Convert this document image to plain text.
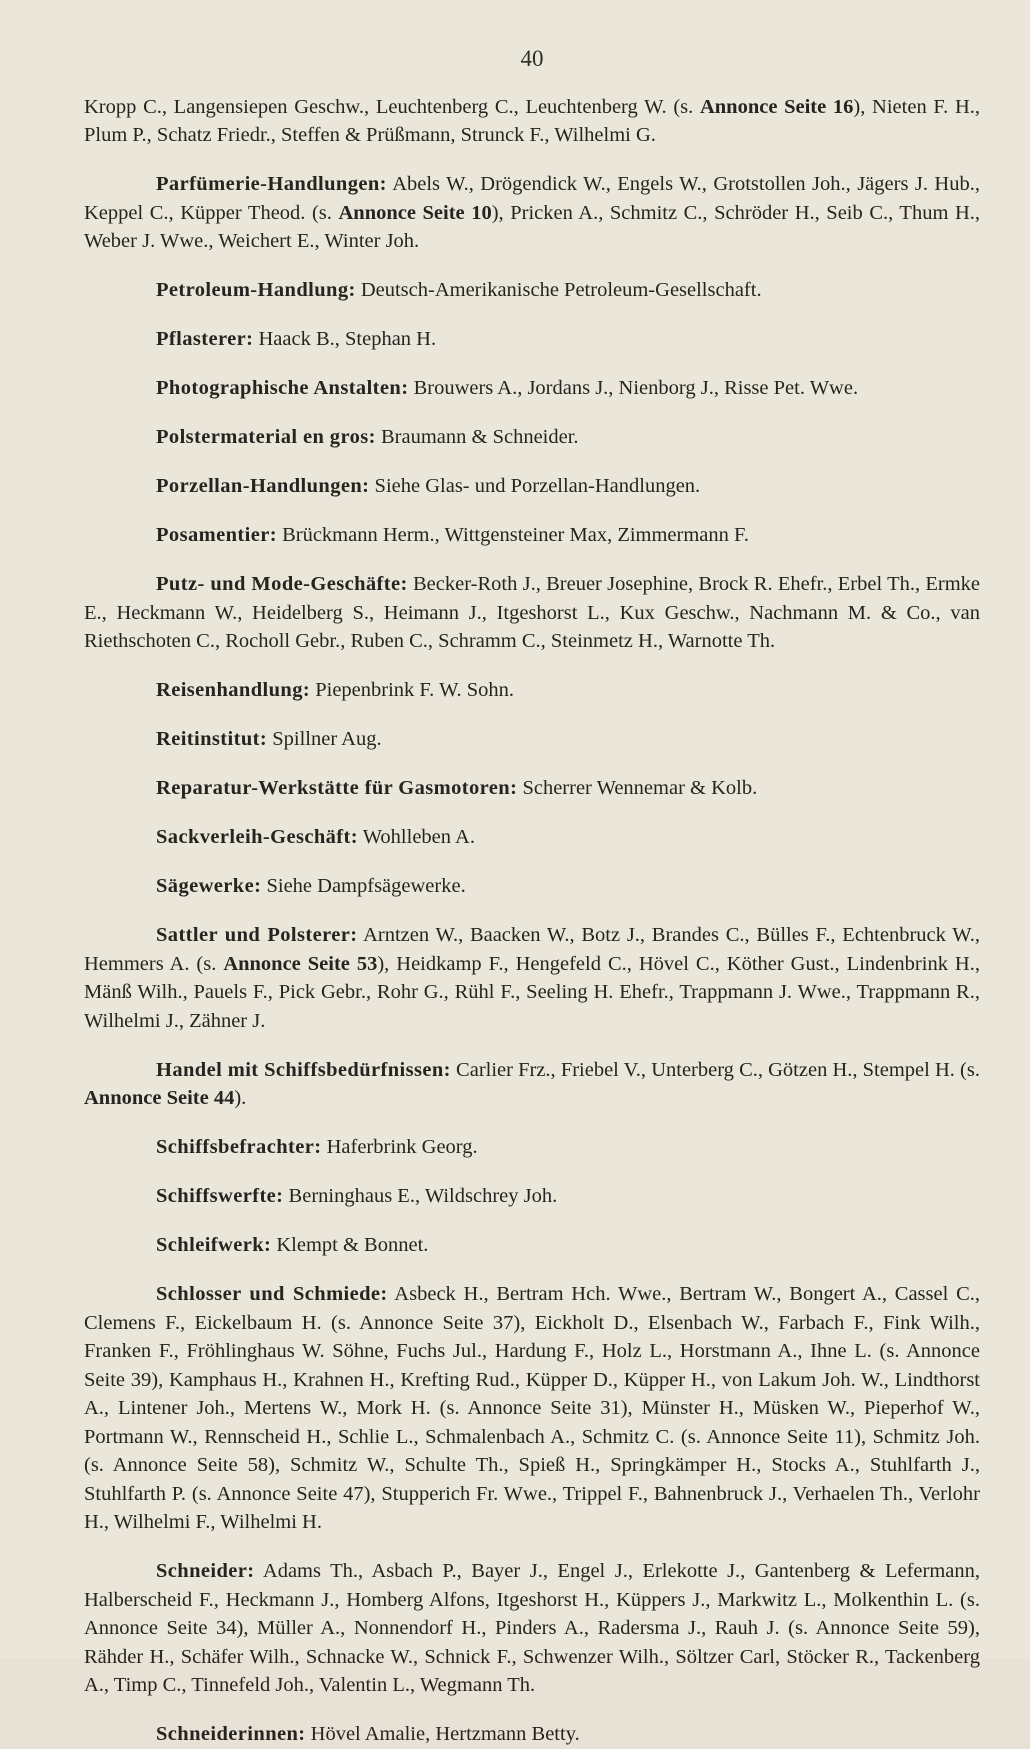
40

Kropp C., Langensiepen Geschw., Leuchtenberg C., Leuchtenberg W. (s. Annonce Seite 16), Nieten F. H., Plum P., Schatz Friedr., Steffen & Prüßmann, Strunck F., Wilhelmi G.

Parfümerie-Handlungen: Abels W., Drögendick W., Engels W., Grotstollen Joh., Jägers J. Hub., Keppel C., Küpper Theod. (s. Annonce Seite 10), Pricken A., Schmitz C., Schröder H., Seib C., Thum H., Weber J. Wwe., Weichert E., Winter Joh.

Petroleum-Handlung: Deutsch-Amerikanische Petroleum-Gesellschaft.

Pflasterer: Haack B., Stephan H.

Photographische Anstalten: Brouwers A., Jordans J., Nienborg J., Risse Pet. Wwe.

Polstermaterial en gros: Braumann & Schneider.

Porzellan-Handlungen: Siehe Glas- und Porzellan-Handlungen.

Posamentier: Brückmann Herm., Wittgensteiner Max, Zimmermann F.

Putz- und Mode-Geschäfte: Becker-Roth J., Breuer Josephine, Brock R. Ehefr., Erbel Th., Ermke E., Heckmann W., Heidelberg S., Heimann J., Itgeshorst L., Kux Geschw., Nachmann M. & Co., van Riethschoten C., Rocholl Gebr., Ruben C., Schramm C., Steinmetz H., Warnotte Th.

Reisenhandlung: Piepenbrink F. W. Sohn.

Reitinstitut: Spillner Aug.

Reparatur-Werkstätte für Gasmotoren: Scherrer Wennemar & Kolb.

Sackverleih-Geschäft: Wohlleben A.

Sägewerke: Siehe Dampfsägewerke.

Sattler und Polsterer: Arntzen W., Baacken W., Botz J., Brandes C., Bülles F., Echtenbruck W., Hemmers A. (s. Annonce Seite 53), Heidkamp F., Hengefeld C., Hövel C., Köther Gust., Lindenbrink H., Mänß Wilh., Pauels F., Pick Gebr., Rohr G., Rühl F., Seeling H. Ehefr., Trappmann J. Wwe., Trappmann R., Wilhelmi J., Zähner J.

Handel mit Schiffsbedürfnissen: Carlier Frz., Friebel V., Unterberg C., Götzen H., Stempel H. (s. Annonce Seite 44).

Schiffsbefrachter: Haferbrink Georg.

Schiffswerfte: Berninghaus E., Wildschrey Joh.

Schleifwerk: Klempt & Bonnet.

Schlosser und Schmiede: Asbeck H., Bertram Hch. Wwe., Bertram W., Bongert A., Cassel C., Clemens F., Eickelbaum H. (s. Annonce Seite 37), Eickholt D., Elsenbach W., Farbach F., Fink Wilh., Franken F., Fröhlinghaus W. Söhne, Fuchs Jul., Hardung F., Holz L., Horstmann A., Ihne L. (s. Annonce Seite 39), Kamphaus H., Krahnen H., Krefting Rud., Küpper D., Küpper H., von Lakum Joh. W., Lindthorst A., Lintener Joh., Mertens W., Mork H. (s. Annonce Seite 31), Münster H., Müsken W., Pieperhof W., Portmann W., Rennscheid H., Schlie L., Schmalenbach A., Schmitz C. (s. Annonce Seite 11), Schmitz Joh. (s. Annonce Seite 58), Schmitz W., Schulte Th., Spieß H., Springkämper H., Stocks A., Stuhlfarth J., Stuhlfarth P. (s. Annonce Seite 47), Stupperich Fr. Wwe., Trippel F., Bahnenbruck J., Verhaelen Th., Verlohr H., Wilhelmi F., Wilhelmi H.

Schneider: Adams Th., Asbach P., Bayer J., Engel J., Erlekotte J., Gantenberg & Lefermann, Halberscheid F., Heckmann J., Homberg Alfons, Itgeshorst H., Küppers J., Markwitz L., Molkenthin L. (s. Annonce Seite 34), Müller A., Nonnendorf H., Pinders A., Radersma J., Rauh J. (s. Annonce Seite 59), Rähder H., Schäfer Wilh., Schnacke W., Schnick F., Schwenzer Wilh., Söltzer Carl, Stöcker R., Tackenberg A., Timp C., Tinnefeld Joh., Valentin L., Wegmann Th.

Schneiderinnen: Hövel Amalie, Hertzmann Betty.
